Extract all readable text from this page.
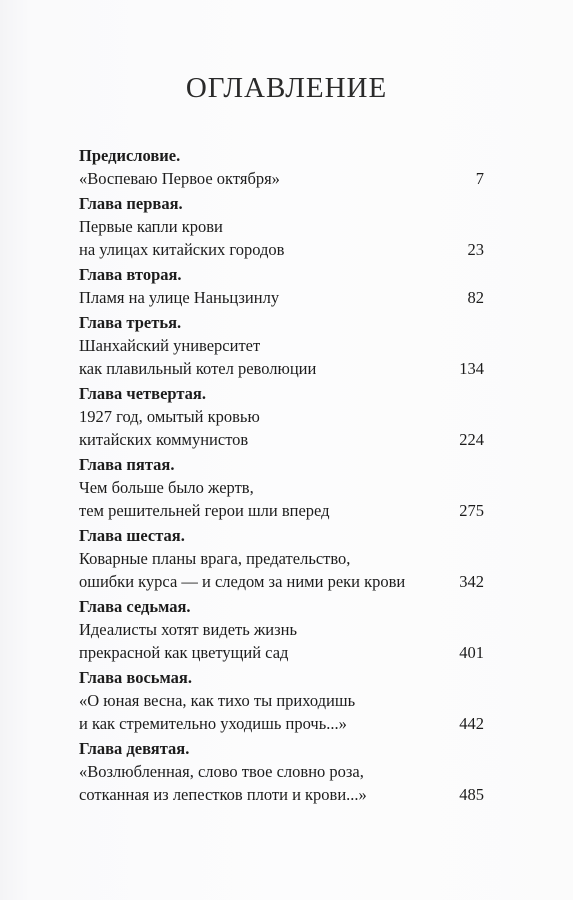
ОГЛАВЛЕНИЕ
Предисловие.
«Воспеваю Первое октября»	7
Глава первая.
Первые капли крови
на улицах китайских городов	23
Глава вторая.
Пламя на улице Наньцзинлу	82
Глава третья.
Шанхайский университет
как плавильный котел революции	134
Глава четвертая.
1927 год, омытый кровью
китайских коммунистов	224
Глава пятая.
Чем больше было жертв,
тем решительней герои шли вперед	275
Глава шестая.
Коварные планы врага, предательство,
ошибки курса — и следом за ними реки крови	342
Глава седьмая.
Идеалисты хотят видеть жизнь
прекрасной как цветущий сад	401
Глава восьмая.
«О юная весна, как тихо ты приходишь
и как стремительно уходишь прочь...»	442
Глава девятая.
«Возлюбленная, слово твое словно роза,
сотканная из лепестков плоти и крови...»	485
